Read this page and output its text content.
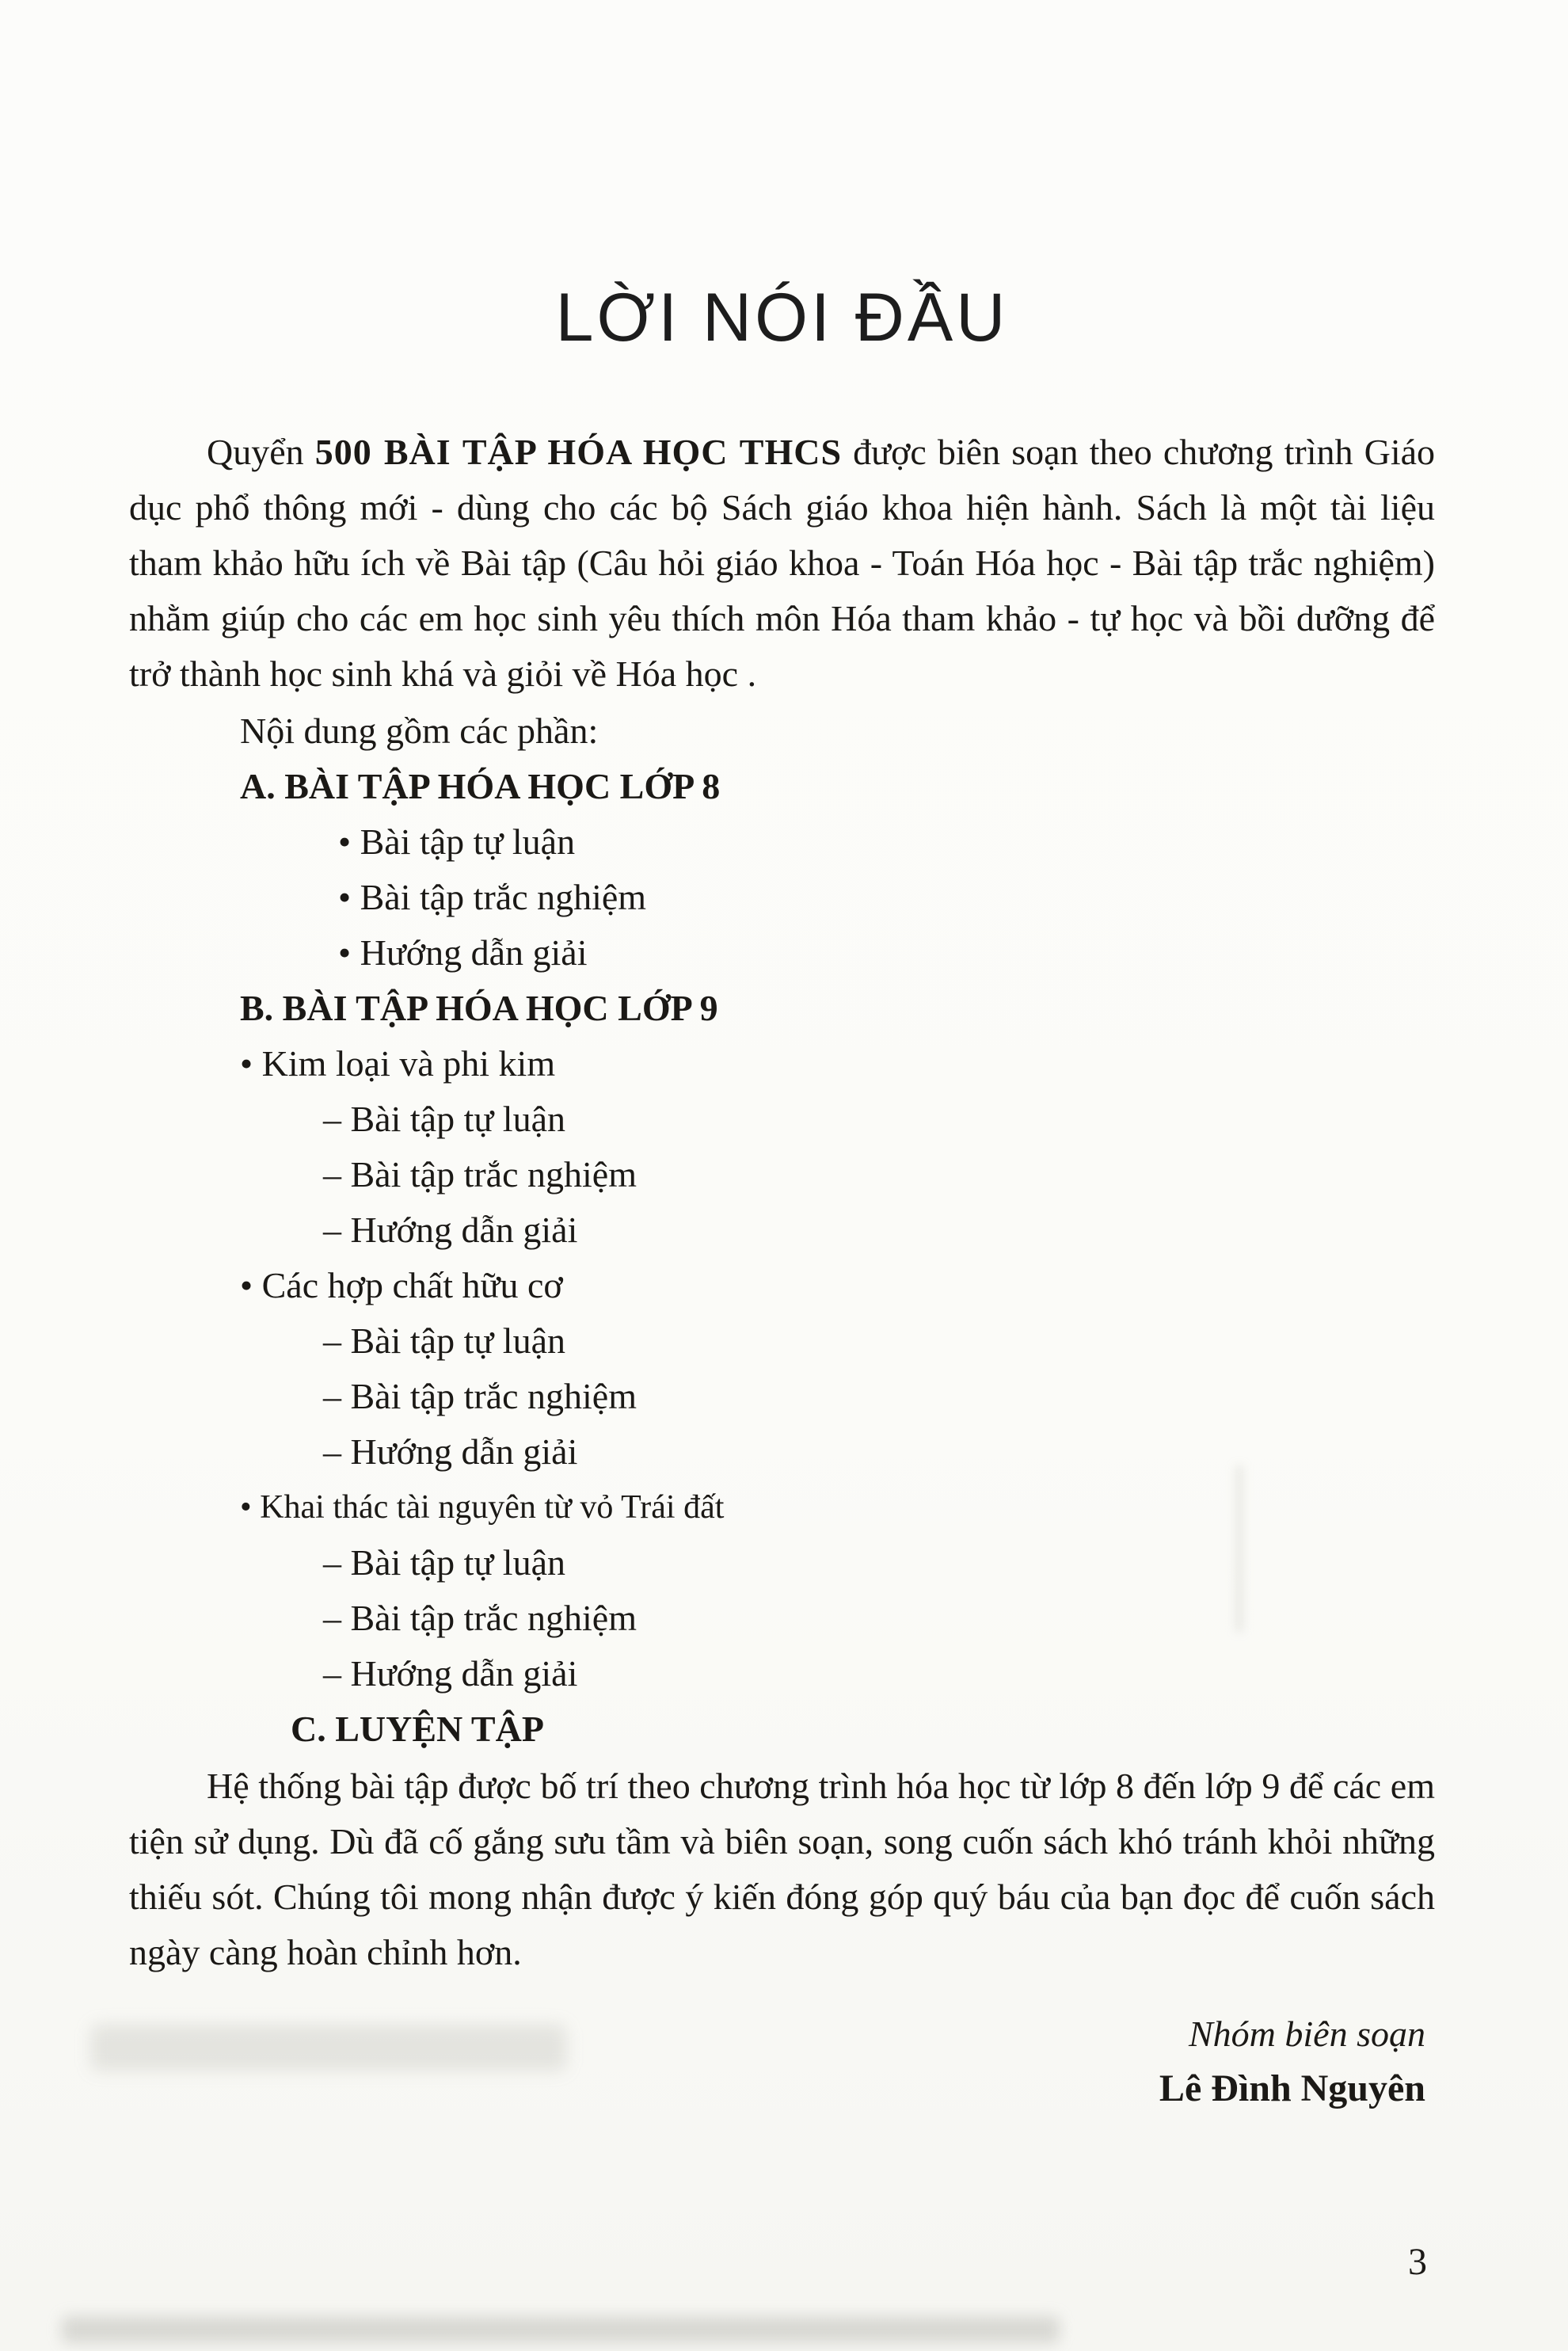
LỜI NÓI ĐẦU

Quyển 500 BÀI TẬP HÓA HỌC THCS được biên soạn theo chương trình Giáo dục phổ thông mới - dùng cho các bộ Sách giáo khoa hiện hành. Sách là một tài liệu tham khảo hữu ích về Bài tập (Câu hỏi giáo khoa - Toán Hóa học - Bài tập trắc nghiệm) nhằm giúp cho các em học sinh yêu thích môn Hóa tham khảo - tự học và bồi dưỡng để trở thành học sinh khá và giỏi về Hóa học .

Nội dung gồm các phần:
A. BÀI TẬP HÓA HỌC LỚP 8
• Bài tập tự luận
• Bài tập trắc nghiệm
• Hướng dẫn giải
B. BÀI TẬP HÓA HỌC LỚP 9
• Kim loại và phi kim
– Bài tập tự luận
– Bài tập trắc nghiệm
– Hướng dẫn giải
• Các hợp chất hữu cơ
– Bài tập tự luận
– Bài tập trắc nghiệm
– Hướng dẫn giải
• Khai thác tài nguyên từ vỏ Trái đất
– Bài tập tự luận
– Bài tập trắc nghiệm
– Hướng dẫn giải
C. LUYỆN TẬP

Hệ thống bài tập được bố trí theo chương trình hóa học từ lớp 8 đến lớp 9 để các em tiện sử dụng. Dù đã cố gắng sưu tầm và biên soạn, song cuốn sách khó tránh khỏi những thiếu sót. Chúng tôi mong nhận được ý kiến đóng góp quý báu của bạn đọc để cuốn sách ngày càng hoàn chỉnh hơn.

Nhóm biên soạn
Lê Đình Nguyên
3
